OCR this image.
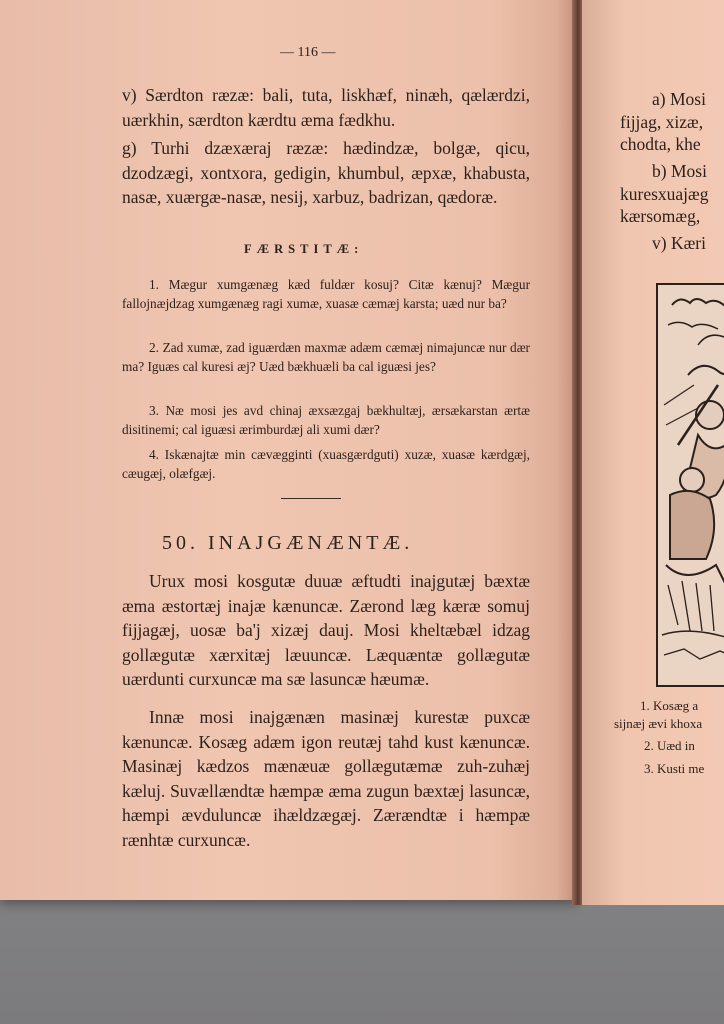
— 116 —
v) Særdton ræzæ: bali, tuta, liskhæf, ninæh, qælærdzi, uærkhin, særdton kærdtu æma fædkhu.
g) Turhi dzæxæraj ræzæ: hædindzæ, bolgæ, qicu, dzodzægi, xontxora, gedigin, khumbul, æpxæ, khabusta, nasæ, xuærgæ-nasæ, nesij, xarbuz, badrizan, qædoræ.
FÆRSTITÆ:
1. Mægur xumgænæg kæd fuldær kosuj? Citæ kænuj? Mægur fallojnæjdzag xumgænæg ragi xumæ, xuasæ cæmæj karsta; uæd nur ba?
2. Zad xumæ, zad iguærdæn maxmæ adæm cæmæj nimajuncæ nur dær ma? Iguæs cal kuresi æj? Uæd bækhuæli ba cal iguæsi jes?
3. Næ mosi jes avd chinaj æxsæzgaj bækhultæj, ærsækarstan ærtæ disitinemi; cal iguæsi ærimburdæj ali xumi dær?
4. Iskænajtæ min cævægginti (xuasgærdguti) xuzæ, xuasæ kærdgæj, cæugæj, olæfgæj.
50. INAJGÆNÆNTÆ.
Urux mosi kosgutæ duuæ æftudti inajgutæj bæxtæ æma æstortæj inajæ kænuncæ. Zærond læg kæræ somuj fijjagæj, uosæ ba'j xizæj dauj. Mosi kheltæbæl idzag gollægutæ xærxitæj læuuncæ. Læquæntæ gollægutæ uærdunti curxuncæ ma sæ lasuncæ hæumæ.
Innæ mosi inajgænæn masinæj kurestæ puxcæ kænuncæ. Kosæg adæm igon reutæj tahd kust kænuncæ. Masinæj kædzos mænæuæ gollægutæmæ zuh-zuhæj kæluj. Suvællændtæ hæmpæ æma zugun bæxtæj lasuncæ, hæmpi ævduluncæ ihældzægæj. Zærændtæ i hæmpæ rænhtæ curxuncæ.
a) Mosi
fijjag, xizæ,
chodta, khe
b) Mosi
kuresxuajæg
kærsomæg,
v) Kæri
1. Kosæg a
sijnæj ævi khoxa
2. Uæd in
3. Kusti me
